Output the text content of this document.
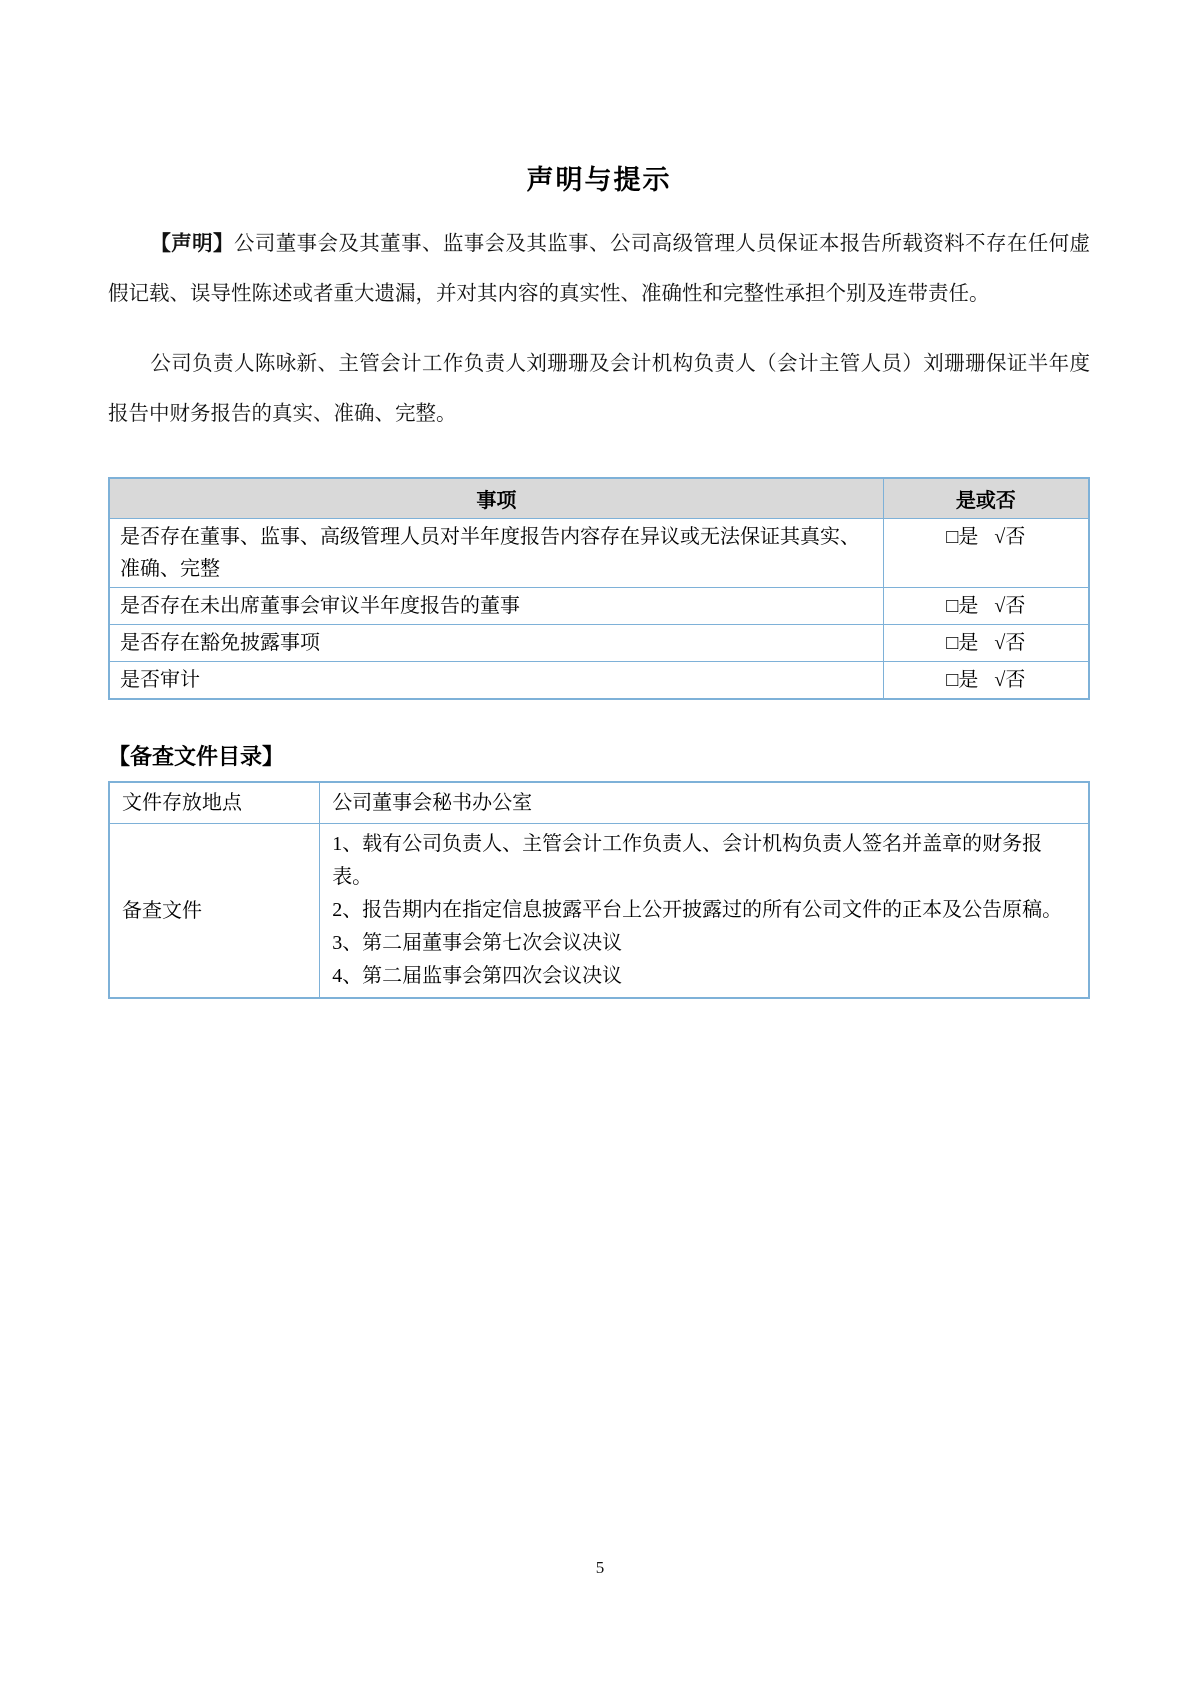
声明与提示

【声明】公司董事会及其董事、监事会及其监事、公司高级管理人员保证本报告所载资料不存在任何虚假记载、误导性陈述或者重大遗漏，并对其内容的真实性、准确性和完整性承担个别及连带责任。

公司负责人陈咏新、主管会计工作负责人刘珊珊及会计机构负责人（会计主管人员）刘珊珊保证半年度报告中财务报告的真实、准确、完整。

事项	是或否
是否存在董事、监事、高级管理人员对半年度报告内容存在异议或无法保证其真实、准确、完整	□是 √否
是否存在未出席董事会审议半年度报告的董事	□是 √否
是否存在豁免披露事项	□是 √否
是否审计	□是 √否
【备查文件目录】
文件存放地点	公司董事会秘书办公室
备查文件	1、载有公司负责人、主管会计工作负责人、会计机构负责人签名并盖章的财务报表。
2、报告期内在指定信息披露平台上公开披露过的所有公司文件的正本及公告原稿。
3、第二届董事会第七次会议决议
4、第二届监事会第四次会议决议
5
